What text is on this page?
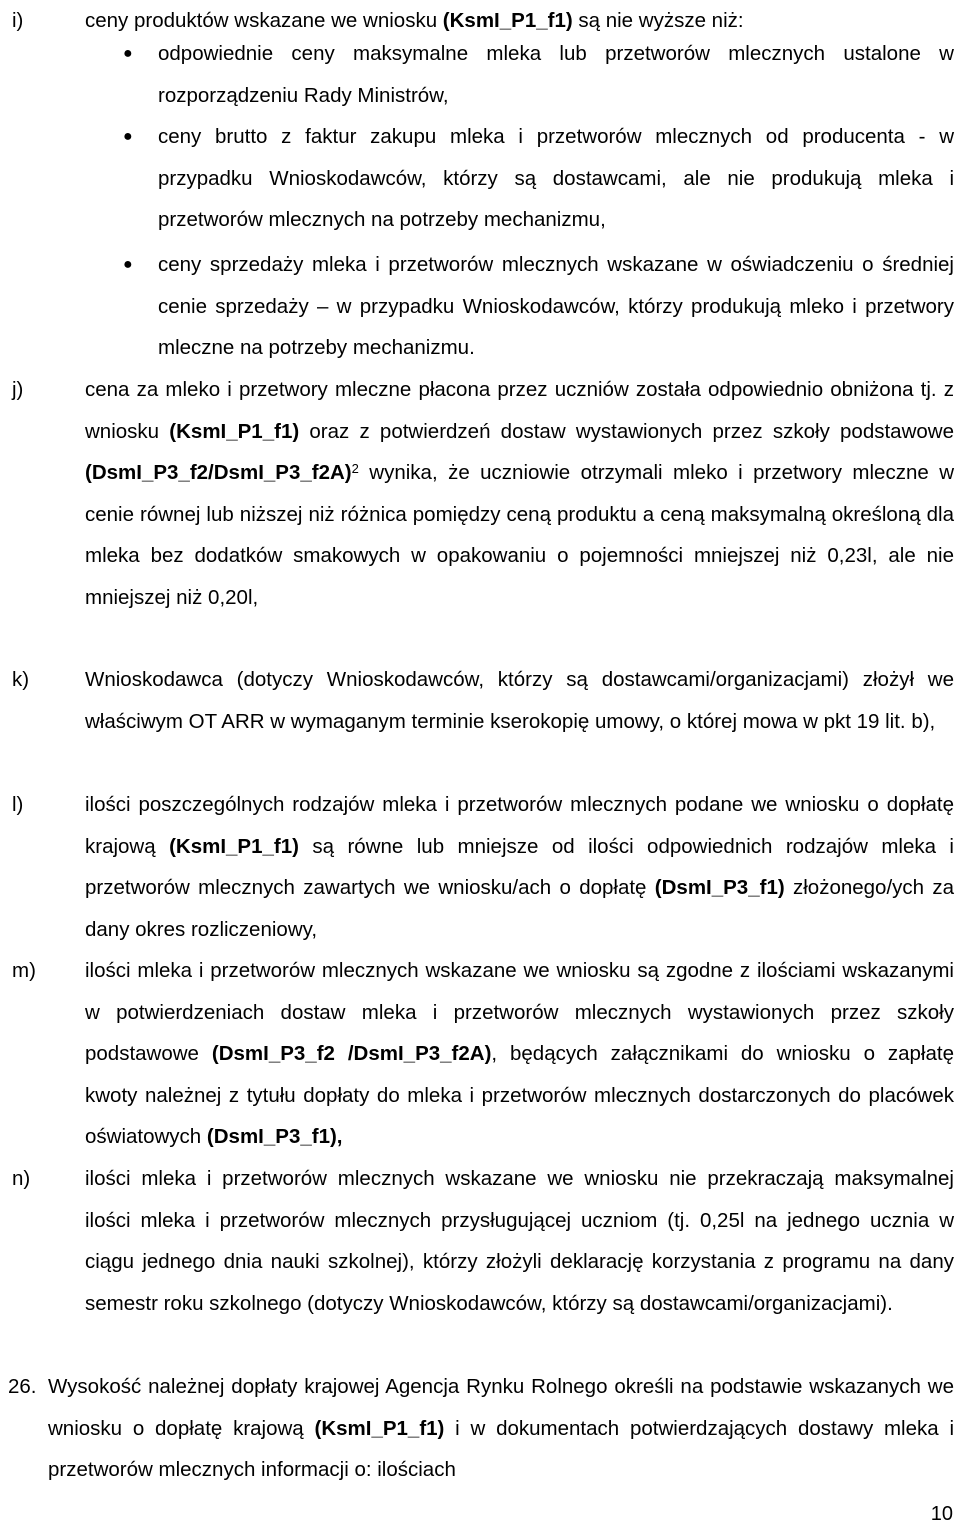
i)	ceny produktów wskazane we wniosku (KsmI_P1_f1) są nie wyższe niż:
● odpowiednie ceny maksymalne mleka lub przetworów mlecznych ustalone w rozporządzeniu Rady Ministrów,
● ceny brutto z faktur zakupu mleka i przetworów mlecznych od producenta - w przypadku Wnioskodawców, którzy są dostawcami, ale nie produkują mleka i przetworów mlecznych na potrzeby mechanizmu,
● ceny sprzedaży mleka i przetworów mlecznych wskazane w oświadczeniu o średniej cenie sprzedaży – w przypadku Wnioskodawców, którzy produkują mleko i przetwory mleczne na potrzeby mechanizmu.
j)	cena za mleko i przetwory mleczne płacona przez uczniów została odpowiednio obniżona tj. z wniosku (KsmI_P1_f1) oraz z potwierdzeń dostaw wystawionych przez szkoły podstawowe (DsmI_P3_f2/DsmI_P3_f2A)$^2$ wynika, że uczniowie otrzymali mleko i przetwory mleczne w cenie równej lub niższej niż różnica pomiędzy ceną produktu a ceną maksymalną określoną dla mleka bez dodatków smakowych w opakowaniu o pojemności mniejszej niż 0,23l, ale nie mniejszej niż 0,20l,
k)	Wnioskodawca (dotyczy Wnioskodawców, którzy są dostawcami/organizacjami) złożył we właściwym OT ARR w wymaganym terminie kserokopię umowy, o której mowa w pkt 19 lit. b),
l)	ilości poszczególnych rodzajów mleka i przetworów mlecznych podane we wniosku o dopłatę krajową (KsmI_P1_f1) są równe lub mniejsze od ilości odpowiednich rodzajów mleka i przetworów mlecznych zawartych we wniosku/ach o dopłatę (DsmI_P3_f1) złożonego/ych za dany okres rozliczeniowy,
m) ilości mleka i przetworów mlecznych wskazane we wniosku są zgodne z ilościami wskazanymi w potwierdzeniach dostaw mleka i przetworów mlecznych wystawionych przez szkoły podstawowe (DsmI_P3_f2 /DsmI_P3_f2A), będących załącznikami do wniosku o zapłatę kwoty należnej z tytułu dopłaty do mleka i przetworów mlecznych dostarczonych do placówek oświatowych (DsmI_P3_f1),
n)	ilości mleka i przetworów mlecznych wskazane we wniosku nie przekraczają maksymalnej ilości mleka i przetworów mlecznych przysługującej uczniom (tj. 0,25l na jednego ucznia w ciągu jednego dnia nauki szkolnej), którzy złożyli deklarację korzystania z programu na dany semestr roku szkolnego (dotyczy Wnioskodawców, którzy są dostawcami/organizacjami).
26. Wysokość należnej dopłaty krajowej Agencja Rynku Rolnego określi na podstawie wskazanych we wniosku o dopłatę krajową (KsmI_P1_f1) i w dokumentach potwierdzających dostawy mleka i przetworów mlecznych informacji o: ilościach
10
